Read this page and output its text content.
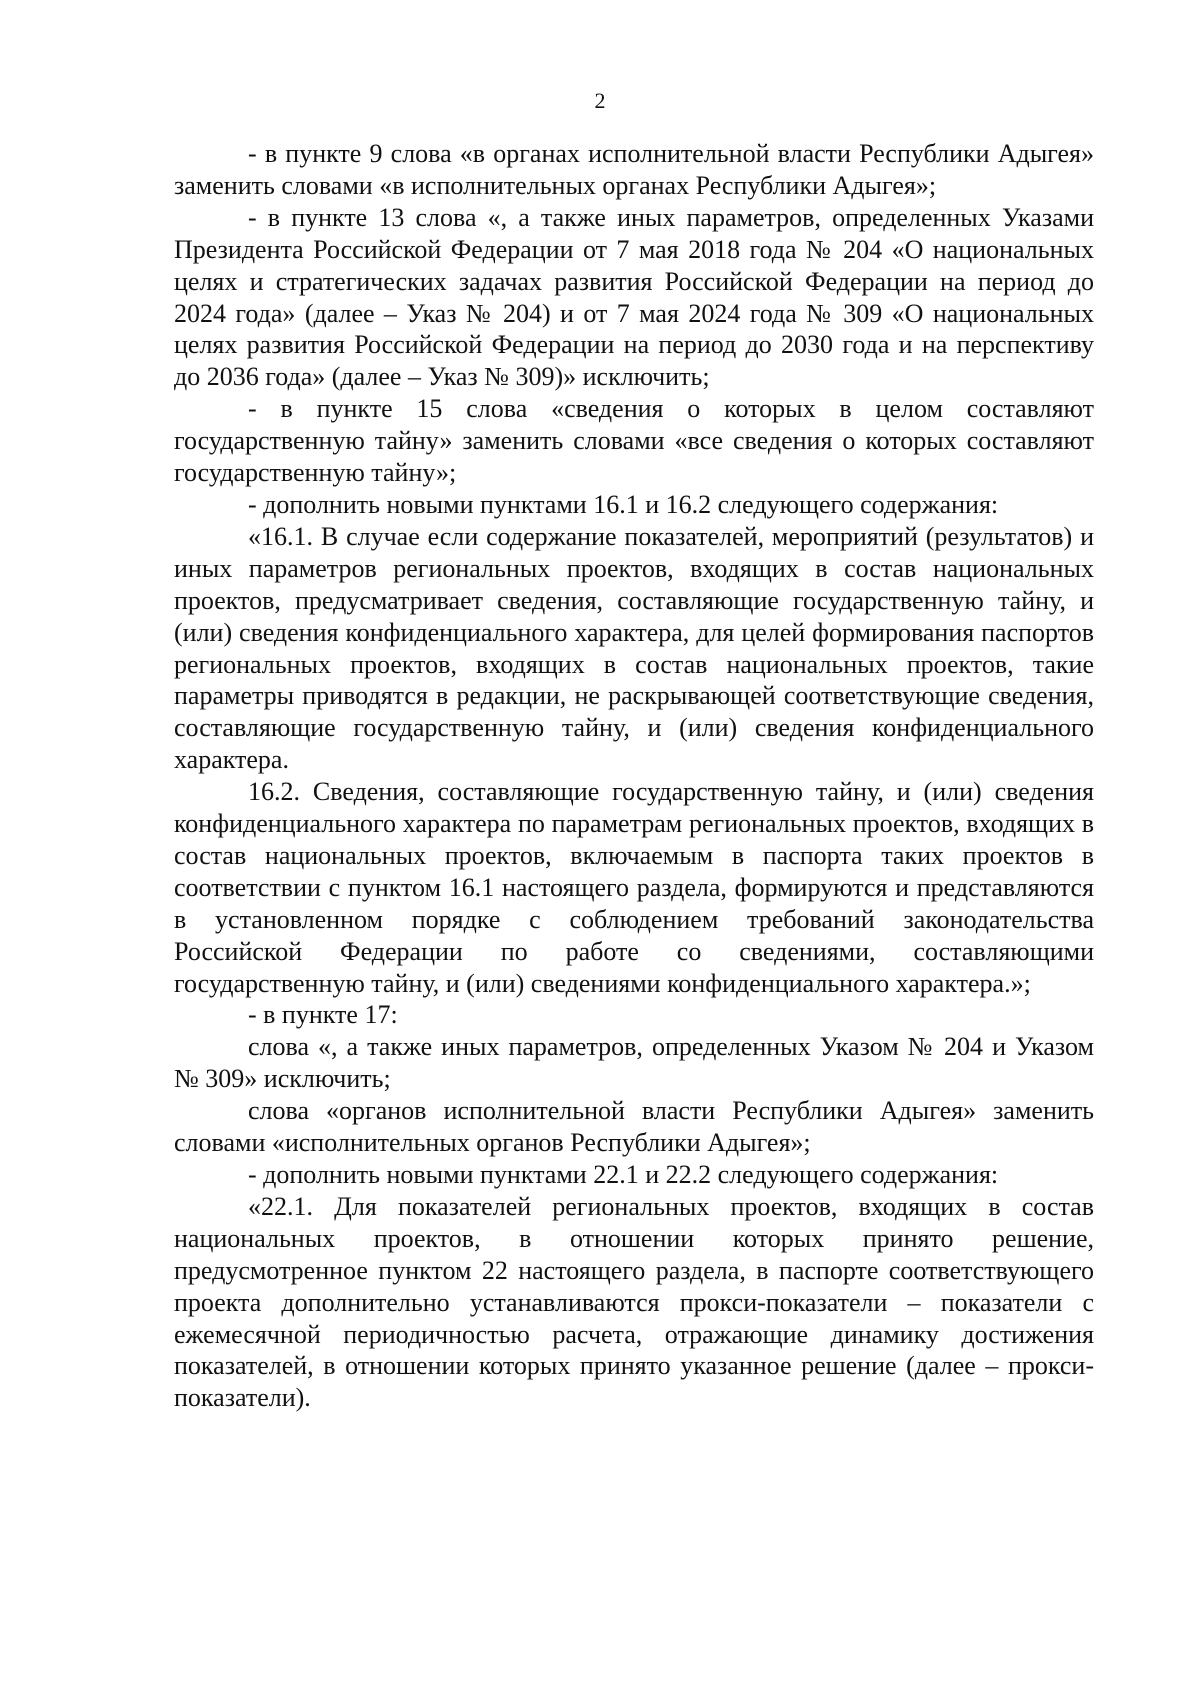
2

- в пункте 9 слова «в органах исполнительной власти Республики Адыгея» заменить словами «в исполнительных органах Республики Адыгея»;

- в пункте 13 слова «, а также иных параметров, определенных Указами Президента Российской Федерации от 7 мая 2018 года № 204 «О национальных целях и стратегических задачах развития Российской Федерации на период до 2024 года» (далее – Указ № 204) и от 7 мая 2024 года № 309 «О национальных целях развития Российской Федерации на период до 2030 года и на перспективу до 2036 года» (далее – Указ № 309)» исключить;

- в пункте 15 слова «сведения о которых в целом составляют государственную тайну» заменить словами «все сведения о которых составляют государственную тайну»;

- дополнить новыми пунктами 16.1 и 16.2 следующего содержания:

«16.1. В случае если содержание показателей, мероприятий (результатов) и иных параметров региональных проектов, входящих в состав национальных проектов, предусматривает сведения, составляющие государственную тайну, и (или) сведения конфиденциального характера, для целей формирования паспортов региональных проектов, входящих в состав национальных проектов, такие параметры приводятся в редакции, не раскрывающей соответствующие сведения, составляющие государственную тайну, и (или) сведения конфиденциального характера.

16.2. Сведения, составляющие государственную тайну, и (или) сведения конфиденциального характера по параметрам региональных проектов, входящих в состав национальных проектов, включаемым в паспорта таких проектов в соответствии с пунктом 16.1 настоящего раздела, формируются и представляются в установленном порядке с соблюдением требований законодательства Российской Федерации по работе со сведениями, составляющими государственную тайну, и (или) сведениями конфиденциального характера.»;

- в пункте 17:

слова «, а также иных параметров, определенных Указом № 204 и Указом № 309» исключить;

слова «органов исполнительной власти Республики Адыгея» заменить словами «исполнительных органов Республики Адыгея»;

- дополнить новыми пунктами 22.1 и 22.2 следующего содержания:

«22.1. Для показателей региональных проектов, входящих в состав национальных проектов, в отношении которых принято решение, предусмотренное пунктом 22 настоящего раздела, в паспорте соответствующего проекта дополнительно устанавливаются прокси-показатели – показатели с ежемесячной периодичностью расчета, отражающие динамику достижения показателей, в отношении которых принято указанное решение (далее – прокси-показатели).
